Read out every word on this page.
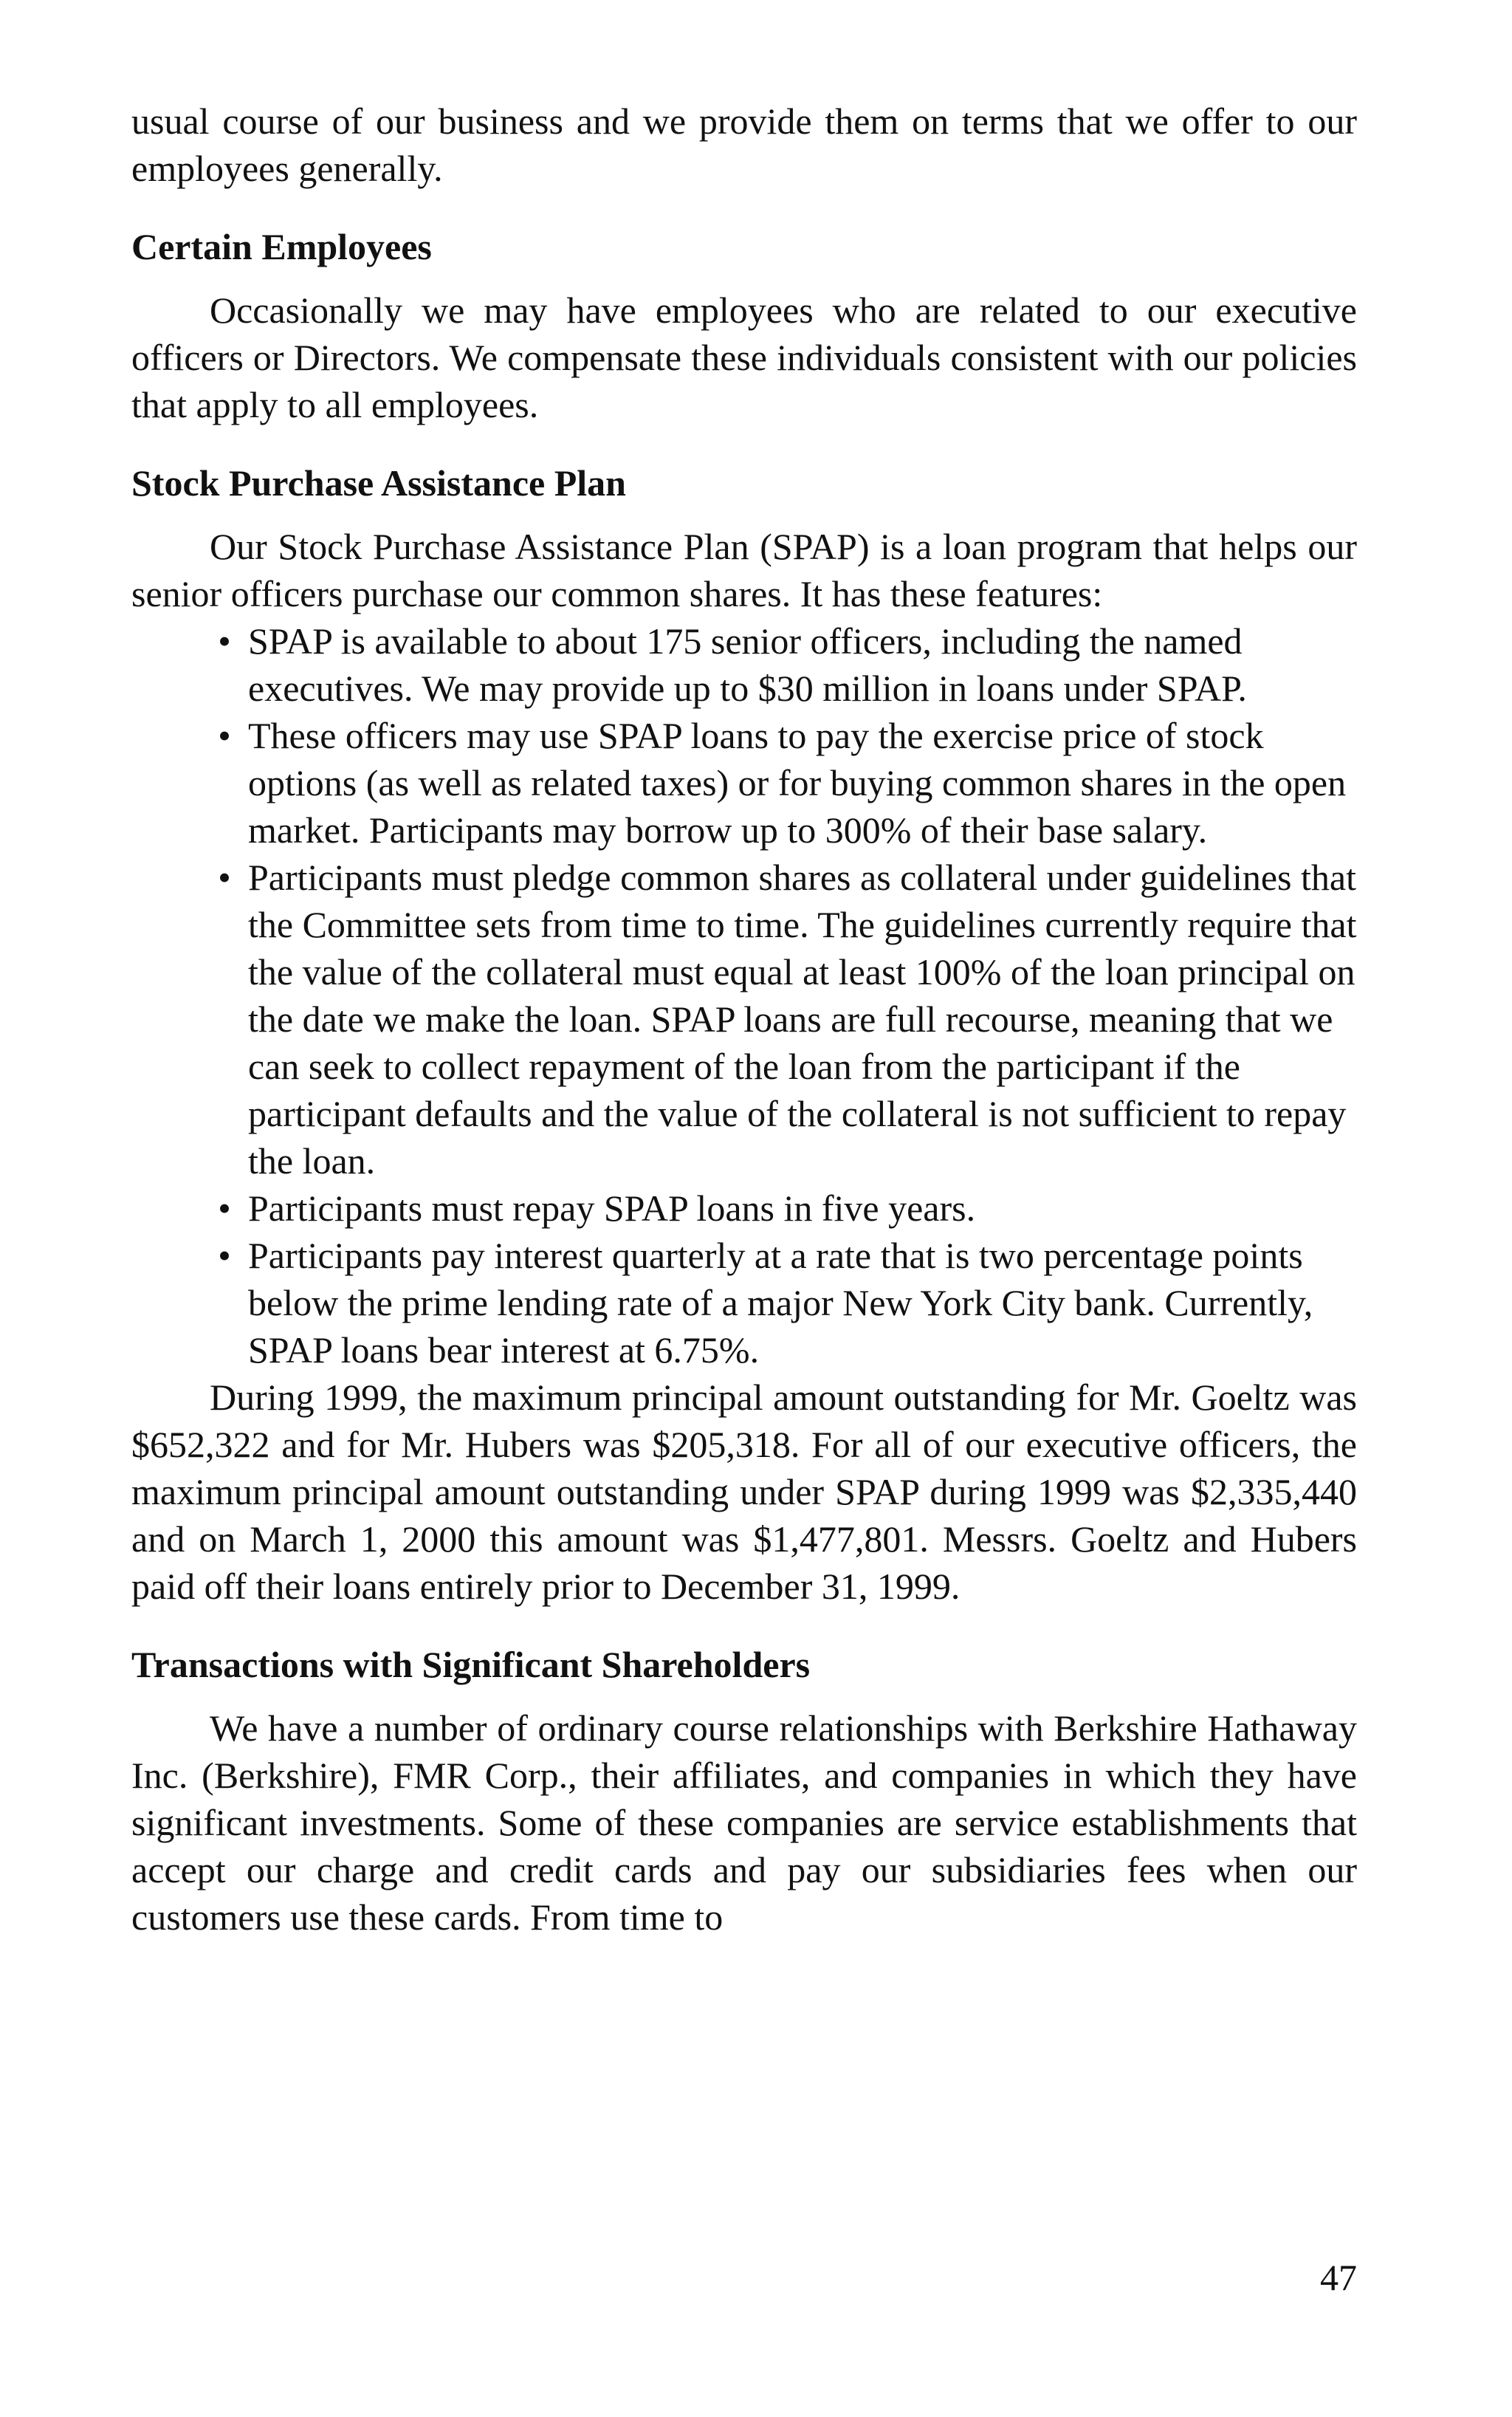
usual course of our business and we provide them on terms that we offer to our employees generally.

Certain Employees

Occasionally we may have employees who are related to our executive officers or Directors. We compensate these individuals consistent with our policies that apply to all employees.

Stock Purchase Assistance Plan

Our Stock Purchase Assistance Plan (SPAP) is a loan program that helps our senior officers purchase our common shares. It has these features:

• SPAP is available to about 175 senior officers, including the named executives. We may provide up to $30 million in loans under SPAP.
• These officers may use SPAP loans to pay the exercise price of stock options (as well as related taxes) or for buying common shares in the open market. Participants may borrow up to 300% of their base salary.
• Participants must pledge common shares as collateral under guidelines that the Committee sets from time to time. The guidelines currently require that the value of the collateral must equal at least 100% of the loan principal on the date we make the loan. SPAP loans are full recourse, meaning that we can seek to collect repayment of the loan from the participant if the participant defaults and the value of the collateral is not sufficient to repay the loan.
• Participants must repay SPAP loans in five years.
• Participants pay interest quarterly at a rate that is two percentage points below the prime lending rate of a major New York City bank. Currently, SPAP loans bear interest at 6.75%.

During 1999, the maximum principal amount outstanding for Mr. Goeltz was $652,322 and for Mr. Hubers was $205,318. For all of our executive officers, the maximum principal amount outstanding under SPAP during 1999 was $2,335,440 and on March 1, 2000 this amount was $1,477,801. Messrs. Goeltz and Hubers paid off their loans entirely prior to December 31, 1999.

Transactions with Significant Shareholders

We have a number of ordinary course relationships with Berkshire Hathaway Inc. (Berkshire), FMR Corp., their affiliates, and companies in which they have significant investments. Some of these companies are service establishments that accept our charge and credit cards and pay our subsidiaries fees when our customers use these cards. From time to

47
